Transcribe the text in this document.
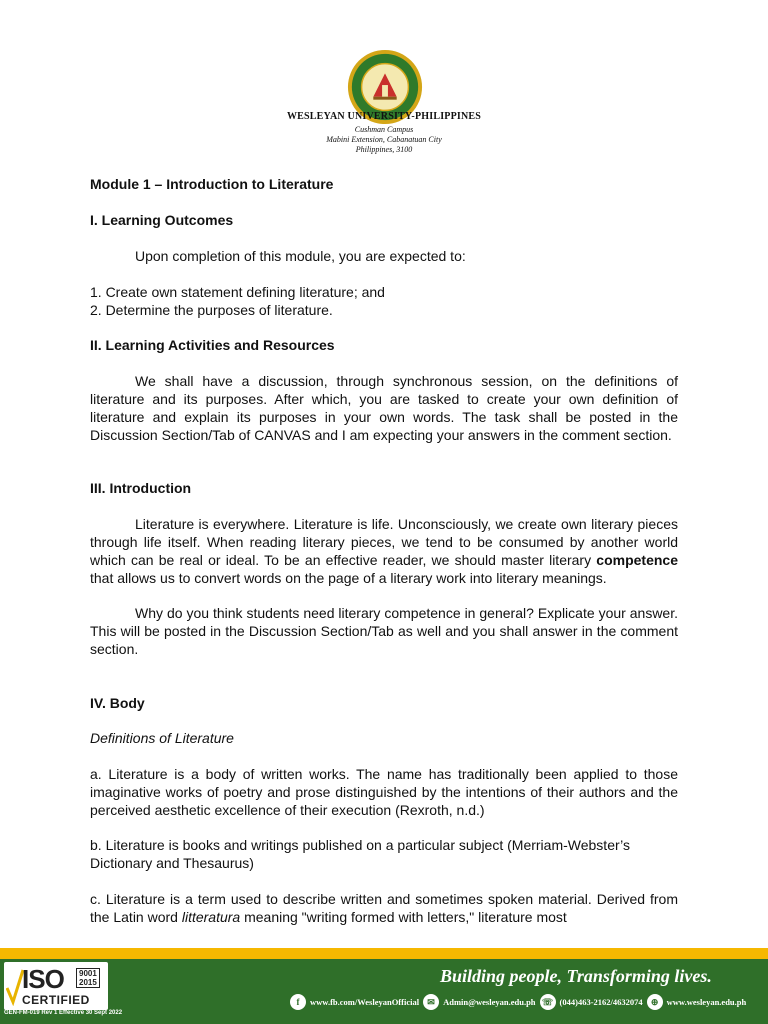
WESLEYAN UNIVERSITY-PHILIPPINES
Cushman Campus
Mabini Extension, Cabanatuan City
Philippines, 3100

Module 1 – Introduction to Literature

I. Learning Outcomes

Upon completion of this module, you are expected to:

1. Create own statement defining literature; and

2. Determine the purposes of literature.

II. Learning Activities and Resources

We shall have a discussion, through synchronous session, on the definitions of literature and its purposes. After which, you are tasked to create your own definition of literature and explain its purposes in your own words. The task shall be posted in the Discussion Section/Tab of CANVAS and I am expecting your answers in the comment section.

III. Introduction

Literature is everywhere. Literature is life. Unconsciously, we create own literary pieces through life itself. When reading literary pieces, we tend to be consumed by another world which can be real or ideal. To be an effective reader, we should master literary competence that allows us to convert words on the page of a literary work into literary meanings.

Why do you think students need literary competence in general? Explicate your answer. This will be posted in the Discussion Section/Tab as well and you shall answer in the comment section.

IV. Body

Definitions of Literature

a. Literature is a body of written works. The name has traditionally been applied to those imaginative works of poetry and prose distinguished by the intentions of their authors and the perceived aesthetic excellence of their execution (Rexroth, n.d.)

b. Literature is books and writings published on a particular subject (Merriam-Webster’s Dictionary and Thesaurus)

c. Literature is a term used to describe written and sometimes spoken material. Derived from the Latin word litteratura meaning "writing formed with letters," literature most

ISO 9001
2015
CERTIFIED
GEN-FM-019 Rev 1 Effective 30 Sept 2022
Building people, Transforming lives.
f	www.fb.com/WesleyanOfficial ✉ Admin@wesleyan.edu.ph ☏ (044)463-2162/4632074 ⊕ www.wesleyan.edu.ph
